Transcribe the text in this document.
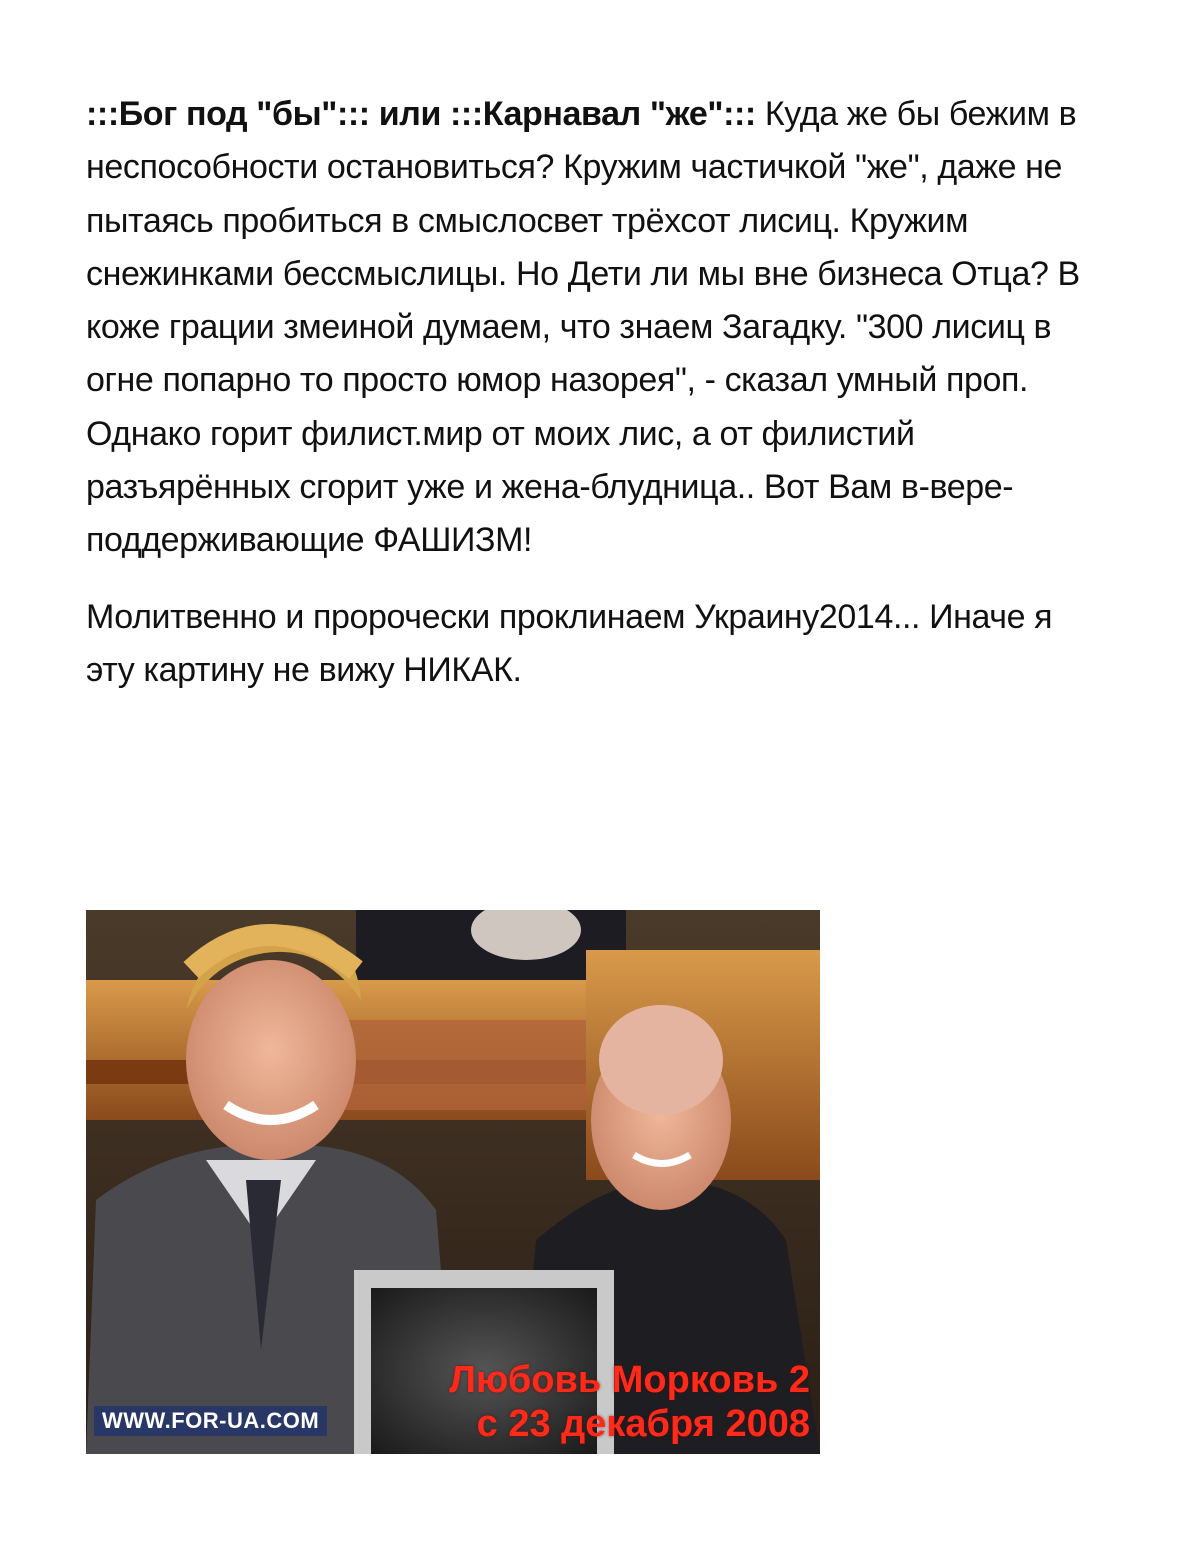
:::Бог под "бы"::: или :::Карнавал "же"::: Куда же бы бежим в неспособности остановиться? Кружим частичкой "же", даже не пытаясь пробиться в смыслосвет трёхсот лисиц. Кружим снежинками бессмыслицы. Но Дети ли мы вне бизнеса Отца? В коже грации змеиной думаем, что знаем Загадку. "300 лисиц в огне попарно то просто юмор назорея", - сказал умный проп. Однако горит филист.мир от моих лис, а от филистий разъярённых сгорит уже и жена-блудница.. Вот Вам в-вере-поддерживающие ФАШИЗМ!

Молитвенно и пророчески проклинаем Украину2014... Иначе я эту картину не вижу НИКАК.

WWW.FOR-UA.COM
Любовь Морковь 2
с 23 декабря 2008
